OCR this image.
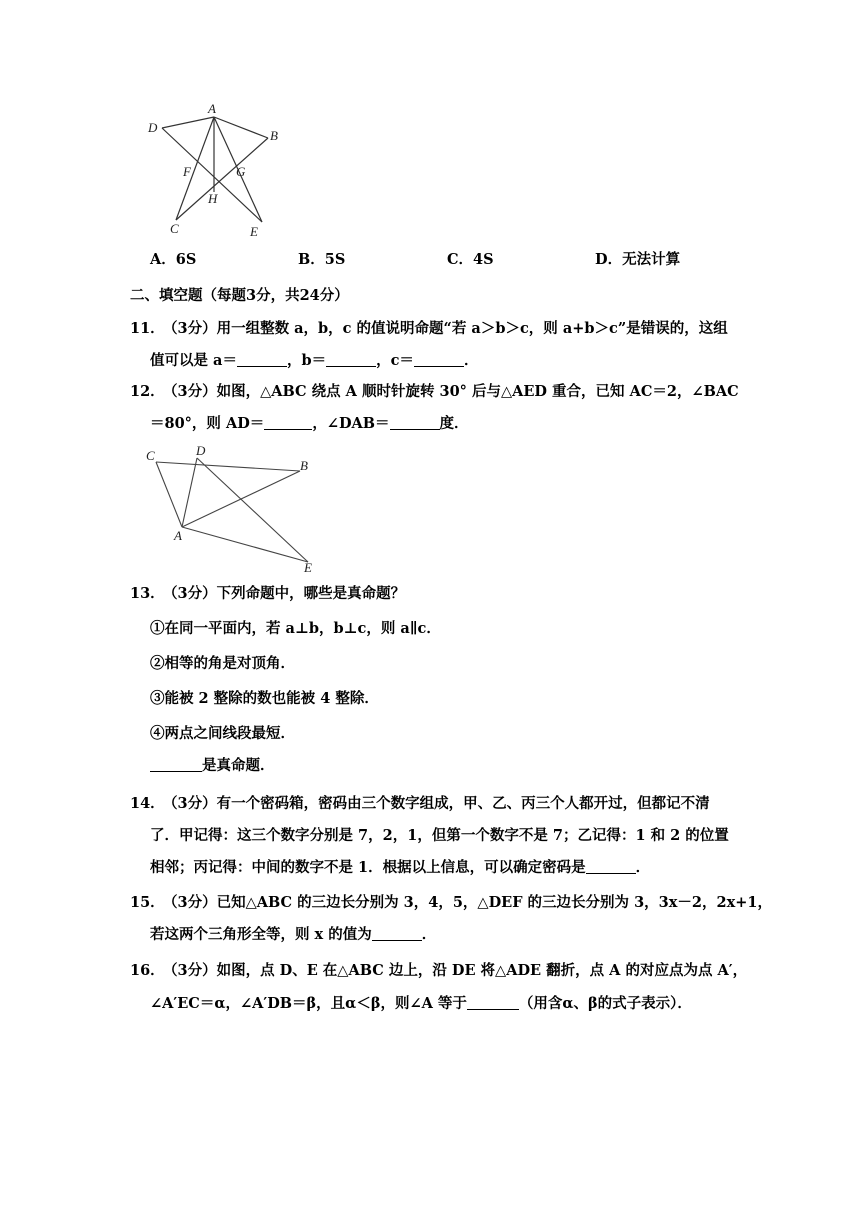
A
B
C
D
E
F	G
H
A．6S	B．5S	C．4S	D．无法计算
二、填空题（每题3分，共24分）
11．
（3分）用一组整数 a，b，c 的值说明命题“若 a＞b＞c，则 a+b＞c”是错误的，这组
值可以是 a＝	，b＝	，c＝	．
12．
（3分）如图，△ABC 绕点 A 顺时针旋转 30° 后与△AED 重合，已知 AC＝2，∠BAC
＝80°，则 AD＝	，∠DAB＝	度．
C	D
B
A
E
13．
（3分）下列命题中，哪些是真命题？
①在同一平面内，若 a⊥b，b⊥c，则 a∥c．
②相等的角是对顶角．
③能被 2 整除的数也能被 4 整除．
④两点之间线段最短．
是真命题．
14．
（3分）有一个密码箱，密码由三个数字组成，甲、乙、丙三个人都开过，但都记不清
了．甲记得：这三个数字分别是 7，2，1，但第一个数字不是 7；乙记得：1 和 2 的位置
相邻；丙记得：中间的数字不是 1．根据以上信息，可以确定密码是	．
15．
（3分）已知△ABC 的三边长分别为 3，4，5，△DEF 的三边长分别为 3，3x－2，2x+1，
若这两个三角形全等，则 x 的值为	．
16．
（3分）如图，点 D、E 在△ABC 边上，沿 DE 将△ADE 翻折，点 A 的对应点为点 A′，
∠A′EC＝α，∠A′DB＝β，且α＜β，则∠A 等于	（用含α、β的式子表示）．
